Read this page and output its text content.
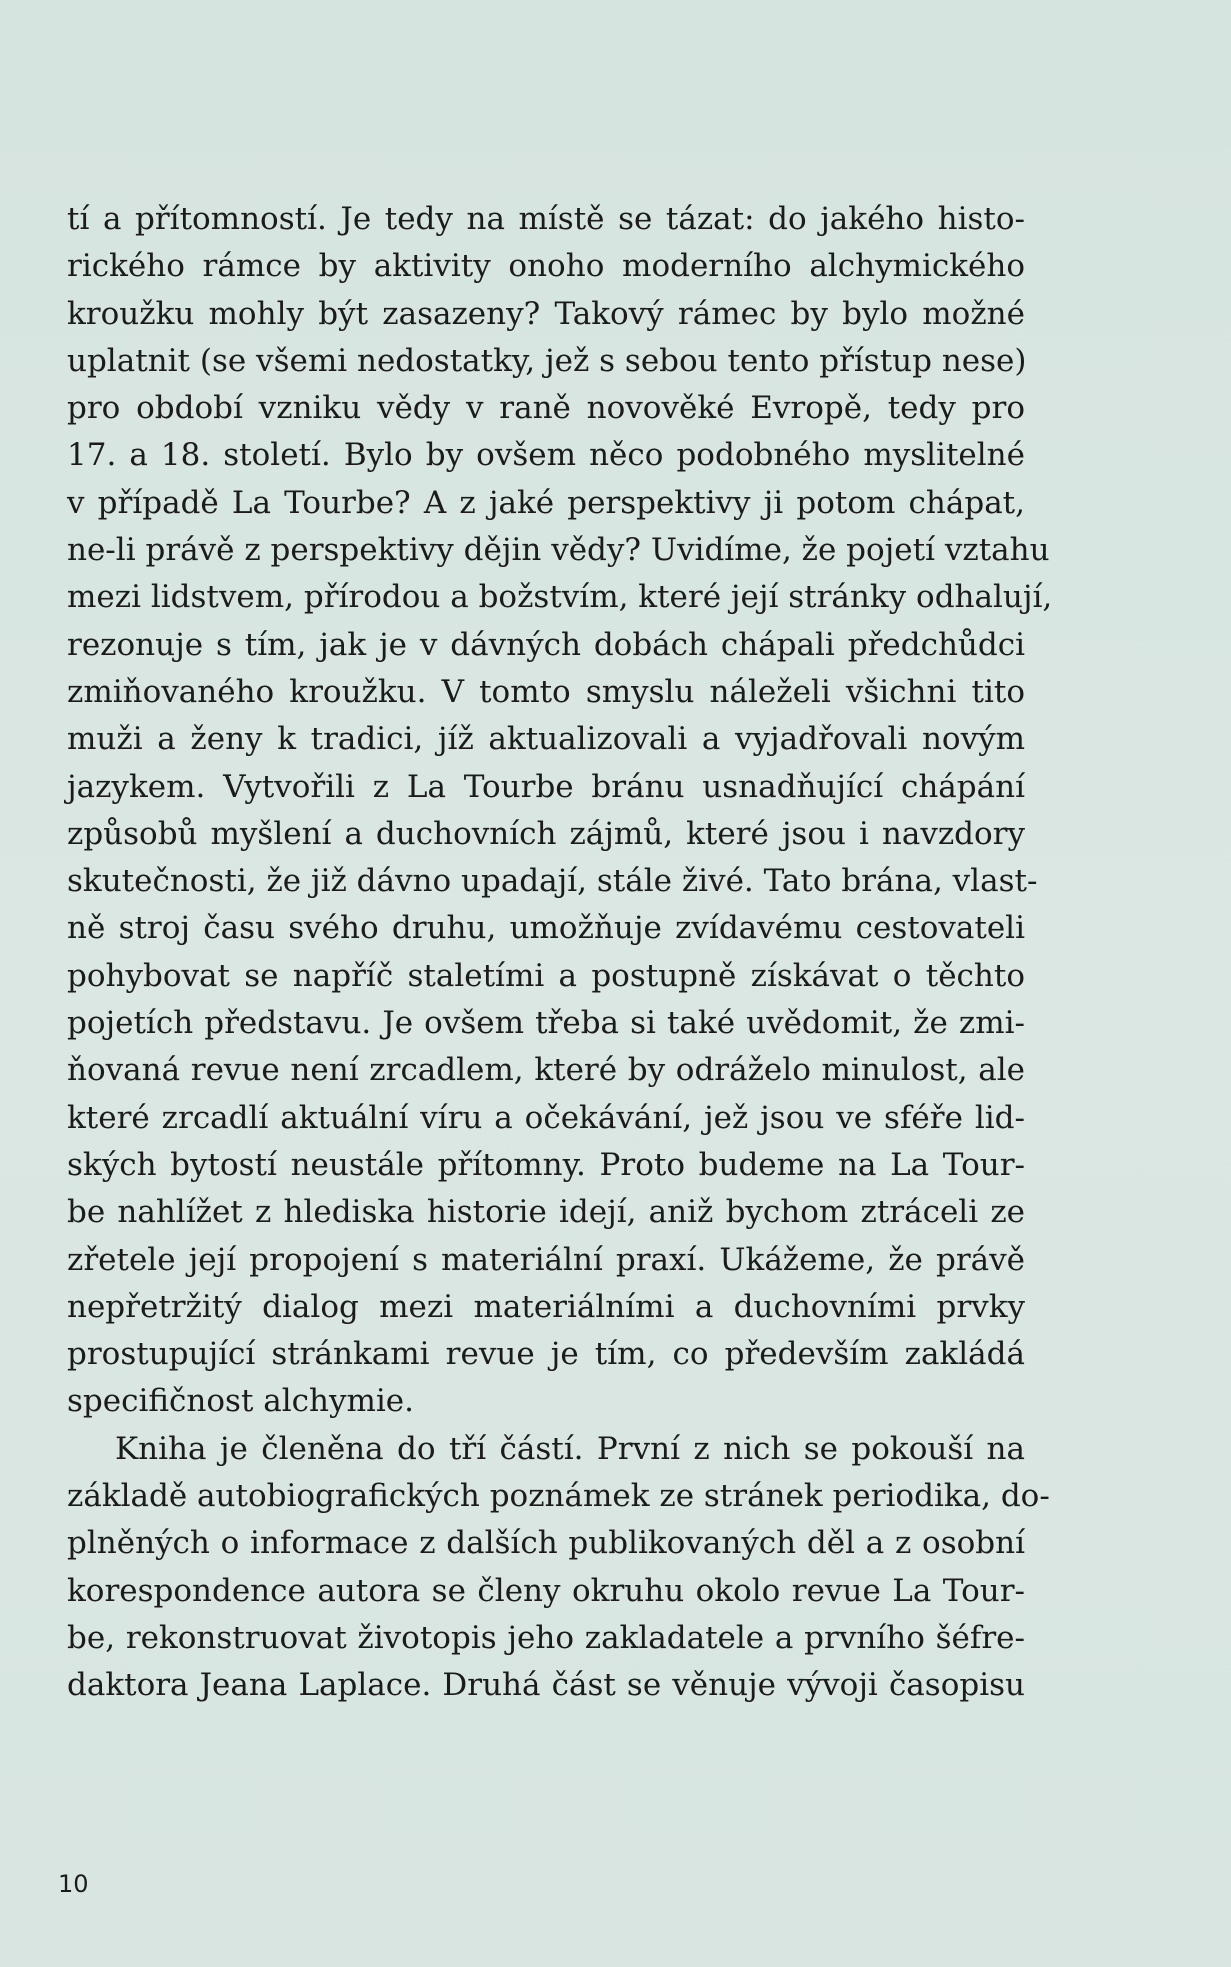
tí a přítomností. Je tedy na místě se tázat: do jakého histo-
rického rámce by aktivity onoho moderního alchymického
kroužku mohly být zasazeny? Takový rámec by bylo možné
uplatnit (se všemi nedostatky, jež s sebou tento přístup nese)
pro období vzniku vědy v raně novověké Evropě, tedy pro
17. a 18. století. Bylo by ovšem něco podobného myslitelné
v případě La Tourbe? A z jaké perspektivy ji potom chápat,
ne-li právě z perspektivy dějin vědy? Uvidíme, že pojetí vztahu
mezi lidstvem, přírodou a božstvím, které její stránky odhalují,
rezonuje s tím, jak je v dávných dobách chápali předchůdci
zmiňovaného kroužku. V tomto smyslu náleželi všichni tito
muži a ženy k tradici, jíž aktualizovali a vyjadřovali novým
jazykem. Vytvořili z La Tourbe bránu usnadňující chápání
způsobů myšlení a duchovních zájmů, které jsou i navzdory
skutečnosti, že již dávno upadají, stále živé. Tato brána, vlast-
ně stroj času svého druhu, umožňuje zvídavému cestovateli
pohybovat se napříč staletími a postupně získávat o těchto
pojetích představu. Je ovšem třeba si také uvědomit, že zmi-
ňovaná revue není zrcadlem, které by odráželo minulost, ale
které zrcadlí aktuální víru a očekávání, jež jsou ve sféře lid-
ských bytostí neustále přítomny. Proto budeme na La Tour-
be nahlížet z hlediska historie idejí, aniž bychom ztráceli ze
zřetele její propojení s materiální praxí. Ukážeme, že právě
nepřetržitý dialog mezi materiálními a duchovními prvky
prostupující stránkami revue je tím, co především zakládá
specifičnost alchymie.
Kniha je členěna do tří částí. První z nich se pokouší na
základě autobiografických poznámek ze stránek periodika, do-
plněných o informace z dalších publikovaných děl a z osobní
korespondence autora se členy okruhu okolo revue La Tour-
be, rekonstruovat životopis jeho zakladatele a prvního šéfre-
daktora Jeana Laplace. Druhá část se věnuje vývoji časopisu
10
